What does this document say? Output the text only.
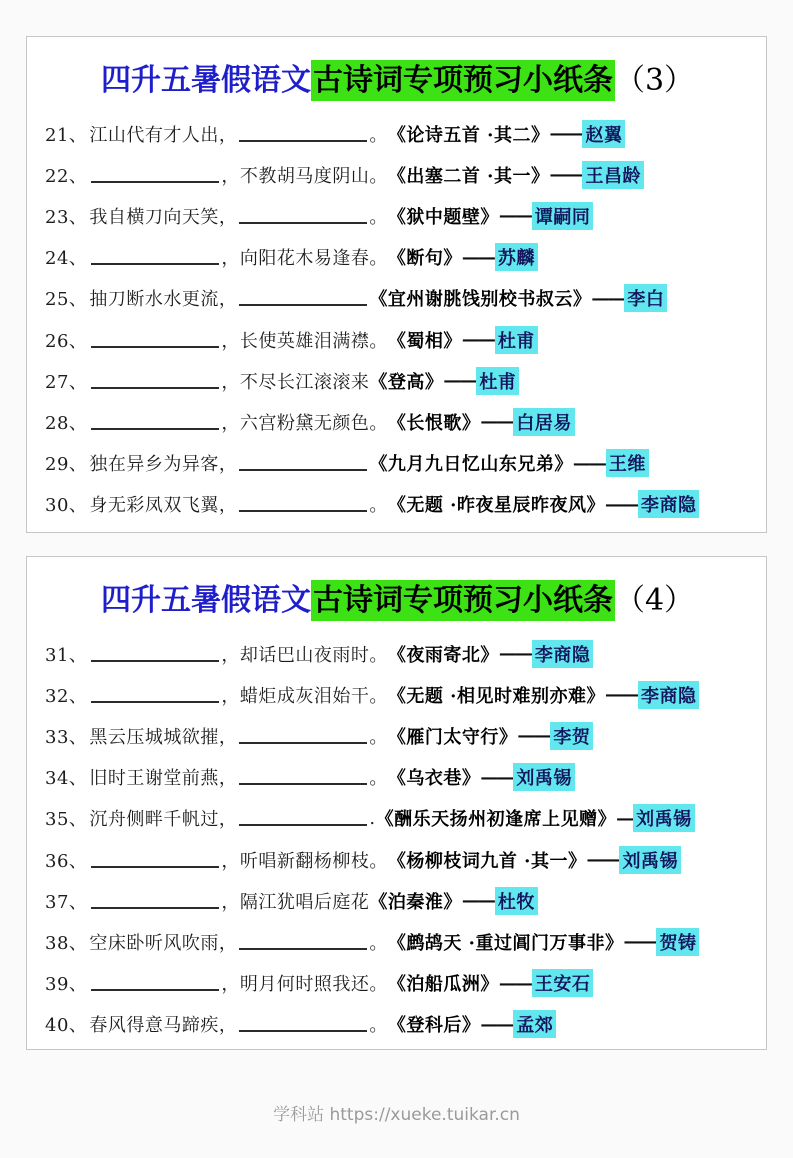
四升五暑假语文古诗词专项预习小纸条（3）
21、 江山代有才人出，	。 《论诗五首 ·其二》 —— 赵翼
22、	，不教胡马度阴山。 《出塞二首 ·其一》 —— 王昌龄
23、 我自横刀向天笑，	。 《狱中题壁》 —— 谭嗣同
24、	，向阳花木易逢春。 《断句》 —— 苏麟
25、 抽刀断水水更流，	《宜州谢朓饯别校书叔云》 —— 李白
26、	，长使英雄泪满襟。 《蜀相》 —— 杜甫
27、	，不尽长江滚滚来 《登高》 —— 杜甫
28、	，六宫粉黛无颜色。 《长恨歌》 —— 白居易
29、 独在异乡为异客，	《九月九日忆山东兄弟》 —— 王维
30、 身无彩凤双飞翼，	。 《无题 ·昨夜星辰昨夜风》 —— 李商隐
四升五暑假语文古诗词专项预习小纸条（4）
31、	，却话巴山夜雨时。 《夜雨寄北》 —— 李商隐
32、	，蜡炬成灰泪始干。 《无题 ·相见时难别亦难》 —— 李商隐
33、 黑云压城城欲摧，	。 《雁门太守行》 —— 李贺
34、 旧时王谢堂前燕，	。 《乌衣巷》 —— 刘禹锡
35、 沉舟侧畔千帆过，	. 《酬乐天扬州初逢席上见赠》 — 刘禹锡
36、	，听唱新翻杨柳枝。 《杨柳枝词九首 ·其一》 —— 刘禹锡
37、	，隔江犹唱后庭花 《泊秦淮》 —— 杜牧
38、 空床卧听风吹雨，	。 《鹧鸪天 ·重过阊门万事非》 —— 贺铸
39、	，明月何时照我还。 《泊船瓜洲》 —— 王安石
40、 春风得意马蹄疾，	。 《登科后》 —— 孟郊
学科站 https://xueke.tuikar.cn
